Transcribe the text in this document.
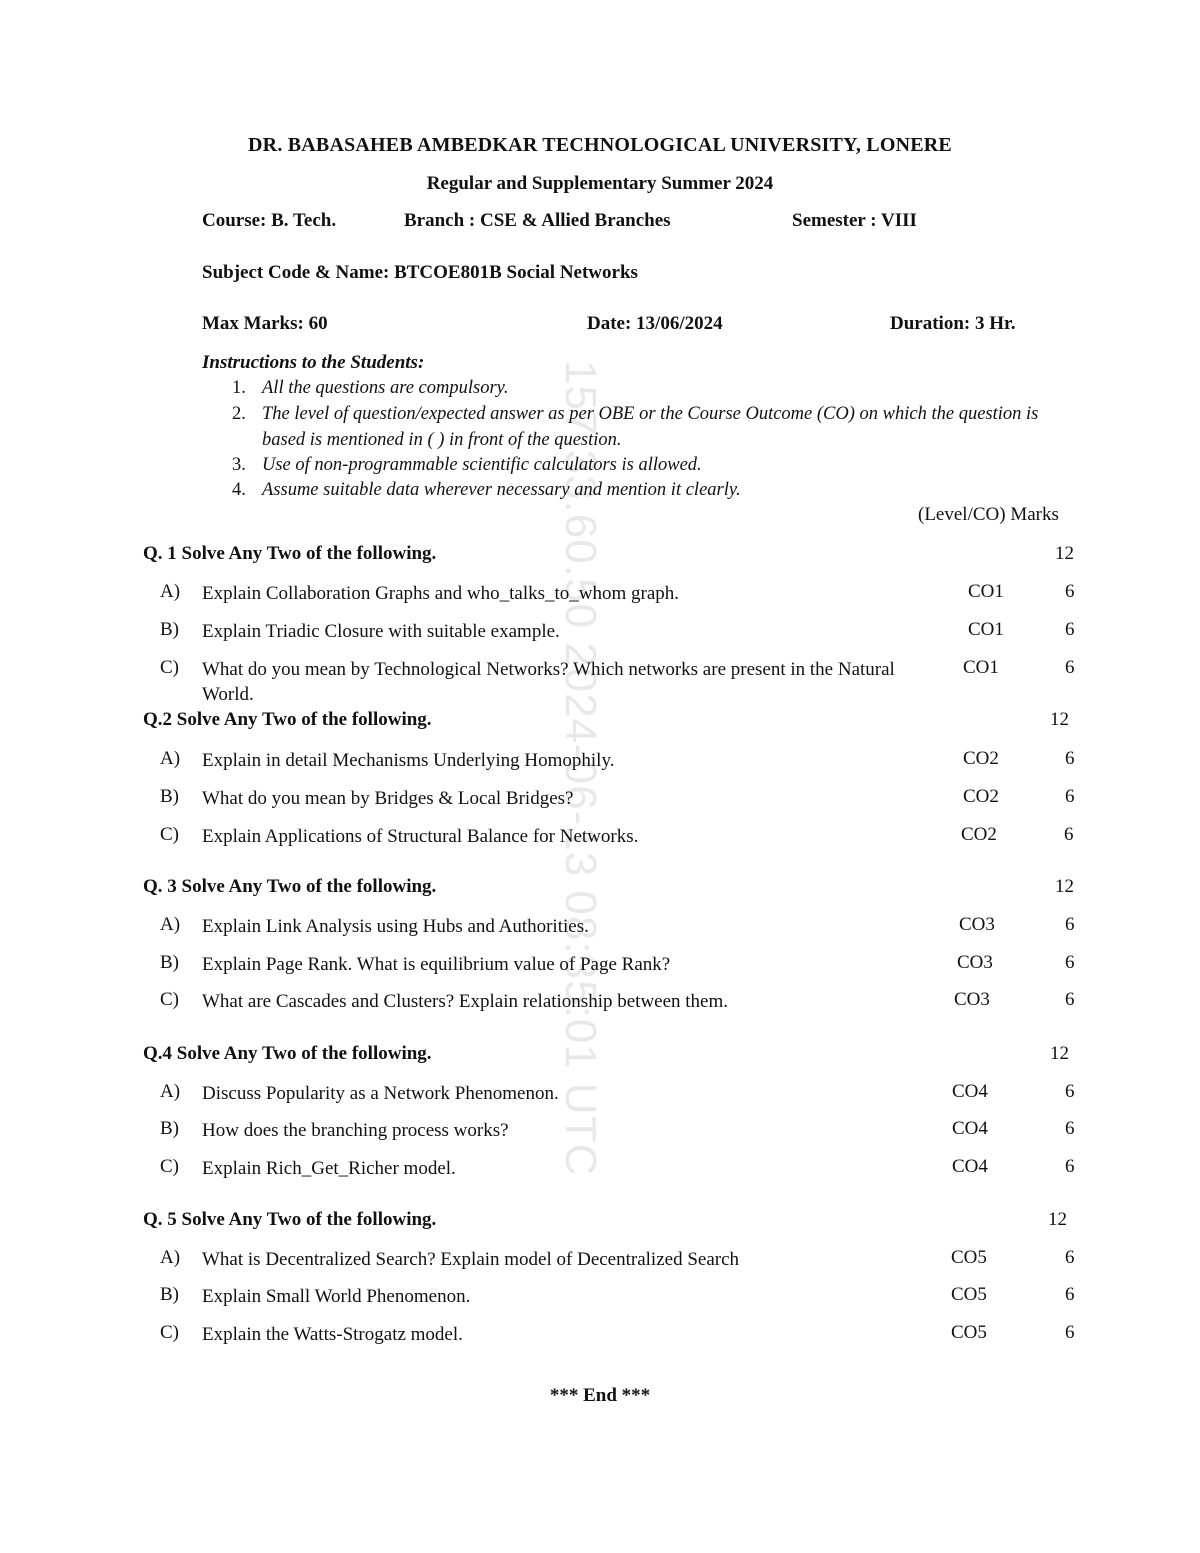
157.33.60.50 2024-06-13 08:35:01 UTC
DR. BABASAHEB AMBEDKAR TECHNOLOGICAL UNIVERSITY, LONERE
Regular and Supplementary Summer 2024
Course: B. Tech.	Branch : CSE & Allied Branches	Semester : VIII
Subject Code & Name: BTCOE801B Social Networks
Max Marks: 60	Date: 13/06/2024	Duration: 3 Hr.
Instructions to the Students:
1. All the questions are compulsory.
2. The level of question/expected answer as per OBE or the Course Outcome (CO) on which the question is based is mentioned in ( ) in front of the question.
3. Use of non-programmable scientific calculators is allowed.
4. Assume suitable data wherever necessary and mention it clearly.
(Level/CO) Marks
Q. 1 Solve Any Two of the following.	12
A) Explain Collaboration Graphs and who_talks_to_whom graph.	CO1	6
B) Explain Triadic Closure with suitable example.	CO1	6
C) What do you mean by Technological Networks? Which networks are present in the Natural World.
CO1	6
Q.2 Solve Any Two of the following.	12
A) Explain in detail Mechanisms Underlying Homophily.	CO2	6
B) What do you mean by Bridges & Local Bridges?	CO2	6
C) Explain Applications of Structural Balance for Networks.	CO2	6
Q. 3 Solve Any Two of the following.	12
A) Explain Link Analysis using Hubs and Authorities.	CO3	6
B) Explain Page Rank. What is equilibrium value of Page Rank?	CO3	6
C) What are Cascades and Clusters? Explain relationship between them.	CO3	6
Q.4 Solve Any Two of the following.	12
A) Discuss Popularity as a Network Phenomenon.	CO4	6
B) How does the branching process works?	CO4	6
C) Explain Rich_Get_Richer model.	CO4	6
Q. 5 Solve Any Two of the following.	12
A) What is Decentralized Search? Explain model of Decentralized Search	CO5	6
B) Explain Small World Phenomenon.	CO5	6
C) Explain the Watts-Strogatz model.	CO5	6
*** End ***
